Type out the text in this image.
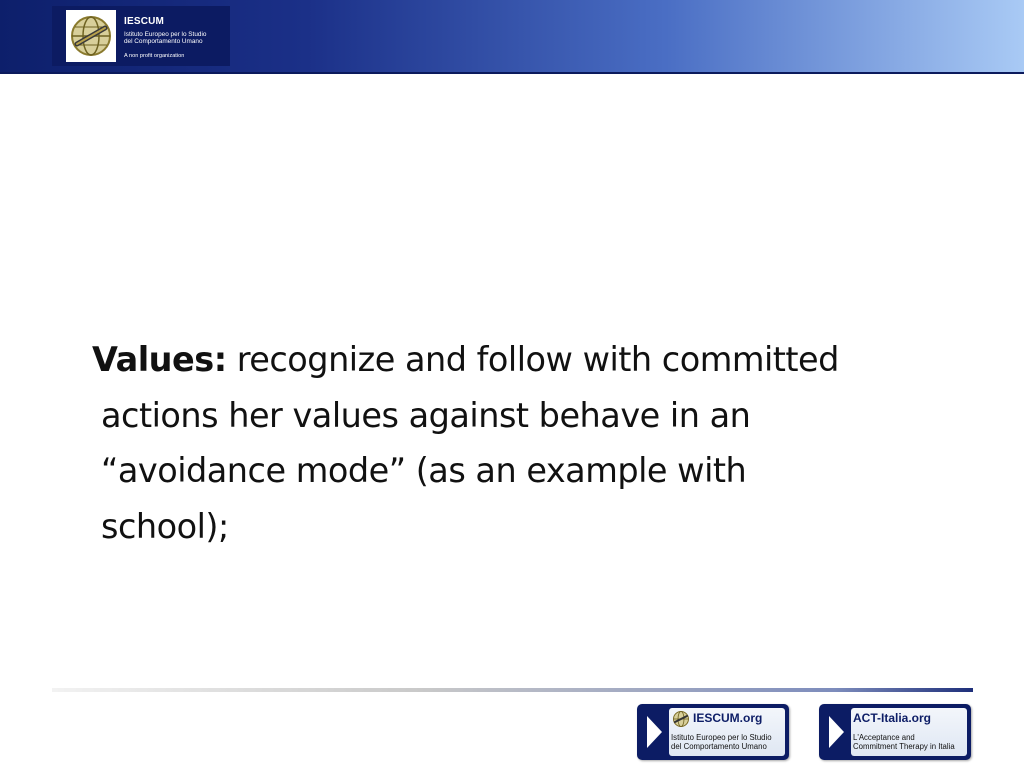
IESCUM
Istituto Europeo per lo Studio
del Comportamento Umano
A non profit organization
Values: recognize and follow with committed
actions her values against behave in an
“avoidance mode” (as an example with
school);
IESCUM.org
Istituto Europeo per lo Studio
del Comportamento Umano
ACT-Italia.org
L'Acceptance and
Commitment Therapy in Italia
